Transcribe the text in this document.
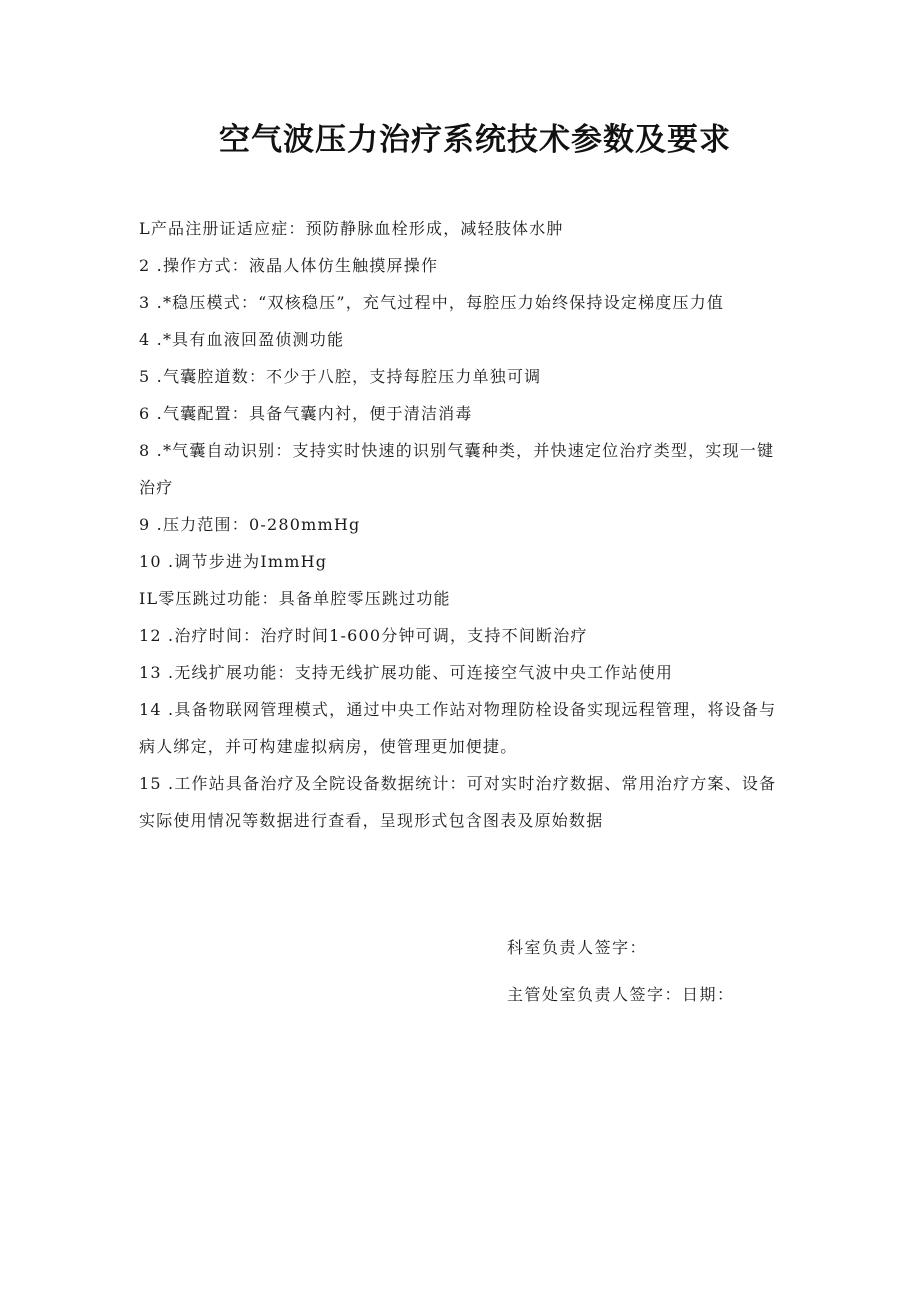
空气波压力治疗系统技术参数及要求
L产品注册证适应症：预防静脉血栓形成，减轻肢体水肿
2 .操作方式：液晶人体仿生触摸屏操作
3 .*稳压模式：“双核稳压”，充气过程中，每腔压力始终保持设定梯度压力值
4 .*具有血液回盈侦测功能
5 .气囊腔道数：不少于八腔，支持每腔压力单独可调
6 .气囊配置：具备气囊内衬，便于清洁消毒
8 .*气囊自动识别：支持实时快速的识别气囊种类，并快速定位治疗类型，实现一键治疗
9 .压力范围：0-280mmHg
10 .调节步进为ImmHg
IL零压跳过功能：具备单腔零压跳过功能
12 .治疗时间：治疗时间1-600分钟可调，支持不间断治疗
13 .无线扩展功能：支持无线扩展功能、可连接空气波中央工作站使用
14 .具备物联网管理模式，通过中央工作站对物理防栓设备实现远程管理，将设备与病人绑定，并可构建虚拟病房，使管理更加便捷。
15 .工作站具备治疗及全院设备数据统计：可对实时治疗数据、常用治疗方案、设备实际使用情况等数据进行查看，呈现形式包含图表及原始数据
科室负责人签字：
主管处室负责人签字：日期：
